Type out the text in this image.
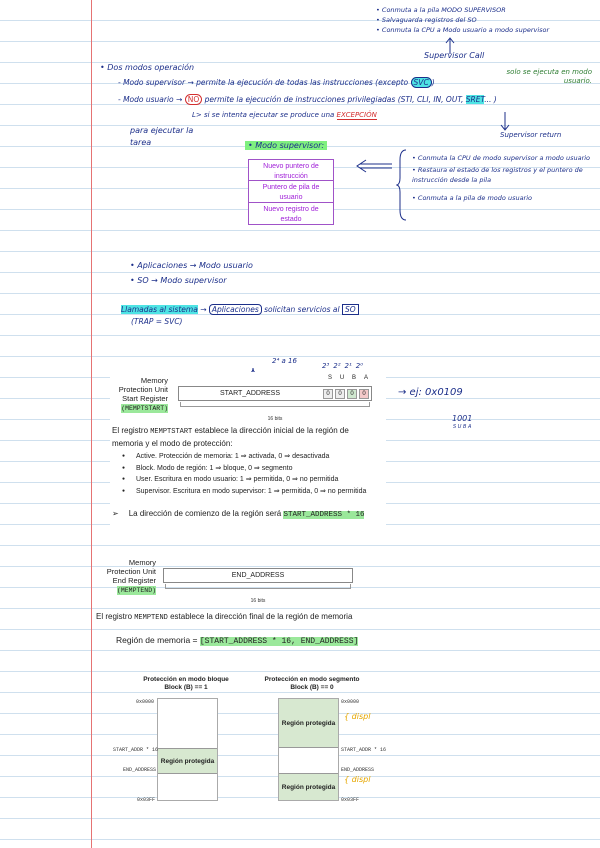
• Conmuta a la pila MODO SUPERVISOR
• Salvaguarda registros del SO
• Conmuta la CPU a Modo usuario a modo supervisor
Supervisor Call
• Dos modos operación
- Modo supervisor → permite la ejecución de todas las instrucciones (excepto SVC )
solo se ejecuta en modo usuario.
- Modo usuario → NO permite la ejecución de instrucciones privilegiadas (STI, CLI, IN, OUT, SRET... )
L> si se intenta ejecutar se produce una EXCEPCIÓN
para ejecutar la tarea
Supervisor return
• Modo supervisor:
Nuevo puntero de instrucción
Puntero de pila de usuario
Nuevo registro de estado
• Conmuta la CPU de modo supervisor a modo usuario
• Restaura el estado de los registros y el puntero de instrucción desde la pila
• Conmuta a la pila de modo usuario
• Aplicaciones → Modo usuario
• SO → Modo supervisor
Llamadas al sistema → Aplicaciones solicitan servicios al SO
(TRAP = SVC)
2⁴ a 16
2³ 2² 2¹ 2⁰
Memory
Protection Unit
Start Register
(MEMPTSTART)
S	U	B	A
START_ADDRESS	0	0	0	0
16 bits
→ ej: 0x0109
1001
S U B A
El registro MEMPTSTART establece la dirección inicial de la región de memoria y el modo de protección:
● Active. Protección de memoria: 1 ⇒ activada, 0 ⇒ desactivada
● Block. Modo de región: 1 ⇒ bloque, 0 ⇒ segmento
● User. Escritura en modo usuario: 1 ⇒ permitida, 0 ⇒ no permitida
● Supervisor. Escritura en modo supervisor: 1 ⇒ permitida, 0 ⇒ no permitida
➢ La dirección de comienzo de la región será START_ADDRESS * 16
Memory
Protection Unit
End Register
(MEMPTEND)
END_ADDRESS
16 bits
El registro MEMPTEND establece la dirección final de la región de memoria
Región de memoria = [START_ADDRESS * 16, END_ADDRESS]
Protección en modo bloque
Block (B) == 1
Protección en modo segmento
Block (B) == 0
Región protegida
0x0000
START_ADDR * 16
END_ADDRESS
0x03FF
Región protegida
Región protegida
0x0000
START_ADDR * 16
END_ADDRESS
0x03FF
{ displ
{ displ
